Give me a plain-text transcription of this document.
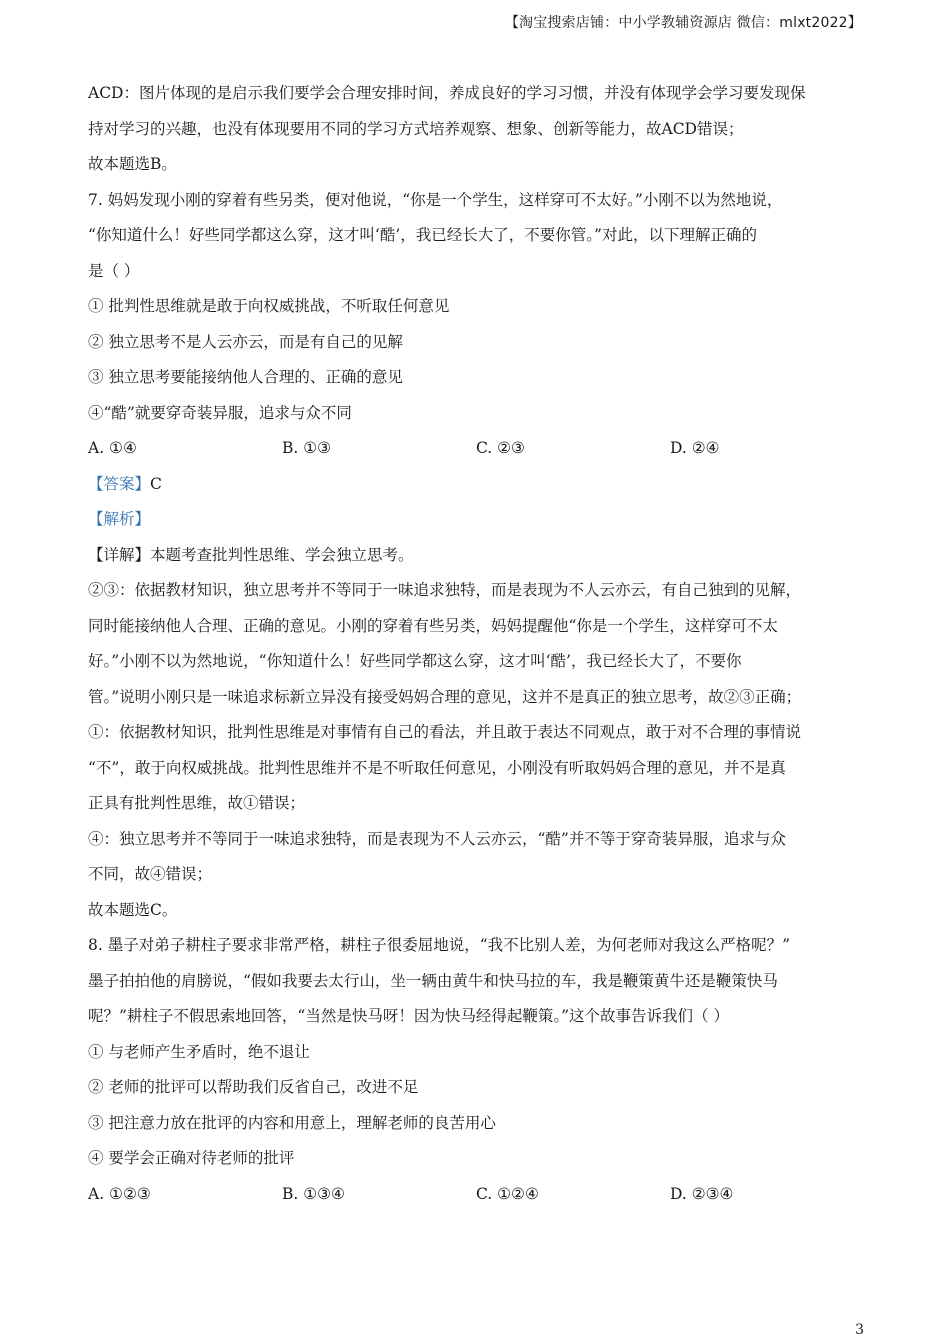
【淘宝搜索店铺：中小学教辅资源店 微信：mlxt2022】
ACD：图片体现的是启示我们要学会合理安排时间，养成良好的学习习惯，并没有体现学会学习要发现保
持对学习的兴趣，也没有体现要用不同的学习方式培养观察、想象、创新等能力，故ACD错误；
故本题选B。
7. 妈妈发现小刚的穿着有些另类，便对他说，“你是一个学生，这样穿可不太好。”小刚不以为然地说，
“你知道什么！好些同学都这么穿，这才叫‘酷’，我已经长大了，不要你管。”对此，以下理解正确的
是（ ）
① 批判性思维就是敢于向权威挑战，不听取任何意见
② 独立思考不是人云亦云，而是有自己的见解
③ 独立思考要能接纳他人合理的、正确的意见
④“酷”就要穿奇装异服，追求与众不同
A. ①④	B. ①③	C. ②③	D. ②④
【答案】C
【解析】
【详解】本题考查批判性思维、学会独立思考。
②③：依据教材知识，独立思考并不等同于一味追求独特，而是表现为不人云亦云，有自己独到的见解，
同时能接纳他人合理、正确的意见。小刚的穿着有些另类，妈妈提醒他“你是一个学生，这样穿可不太
好。”小刚不以为然地说，“你知道什么！好些同学都这么穿，这才叫‘酷’，我已经长大了，不要你
管。”说明小刚只是一味追求标新立异没有接受妈妈合理的意见，这并不是真正的独立思考，故②③正确；
①：依据教材知识，批判性思维是对事情有自己的看法，并且敢于表达不同观点，敢于对不合理的事情说
“不”，敢于向权威挑战。批判性思维并不是不听取任何意见，小刚没有听取妈妈合理的意见，并不是真
正具有批判性思维，故①错误；
④：独立思考并不等同于一味追求独特，而是表现为不人云亦云，“酷”并不等于穿奇装异服，追求与众
不同，故④错误；
故本题选C。
8. 墨子对弟子耕柱子要求非常严格，耕柱子很委屈地说，“我不比别人差，为何老师对我这么严格呢？”
墨子拍拍他的肩膀说，“假如我要去太行山，坐一辆由黄牛和快马拉的车，我是鞭策黄牛还是鞭策快马
呢？”耕柱子不假思索地回答，“当然是快马呀！因为快马经得起鞭策。”这个故事告诉我们（ ）
① 与老师产生矛盾时，绝不退让
② 老师的批评可以帮助我们反省自己，改进不足
③ 把注意力放在批评的内容和用意上，理解老师的良苦用心
④ 要学会正确对待老师的批评
A. ①②③	B. ①③④	C. ①②④	D. ②③④
3
